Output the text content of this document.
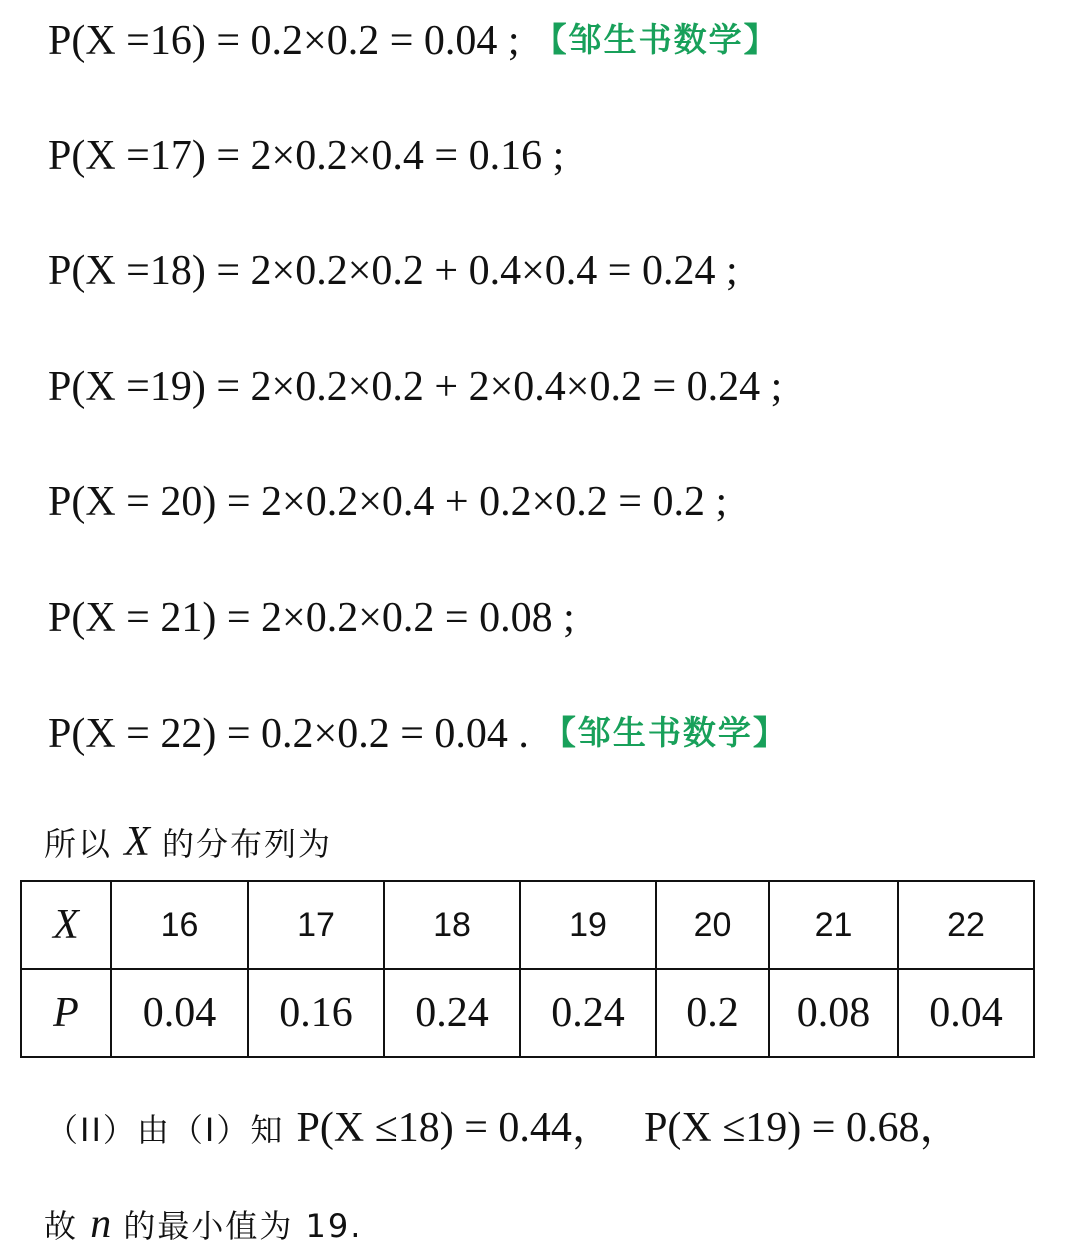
P(X =16) = 0.2×0.2 = 0.04 ; 【邹生书数学】
P(X =17) = 2×0.2×0.4 = 0.16 ;
P(X =18) = 2×0.2×0.2 + 0.4×0.4 = 0.24 ;
P(X =19) = 2×0.2×0.2 + 2×0.4×0.2 = 0.24 ;
P(X = 20) = 2×0.2×0.4 + 0.2×0.2 = 0.2 ;
P(X = 21) = 2×0.2×0.2 = 0.08 ;
P(X = 22) = 0.2×0.2 = 0.04 . 【邹生书数学】
所以 X 的分布列为
X	16	17	18	19	20	21	22
P	0.04	0.16	0.24	0.24	0.2	0.08	0.04
（II）由（I）知 P(X ≤18) = 0.44， P(X ≤19) = 0.68，
故 n 的最小值为 19.
